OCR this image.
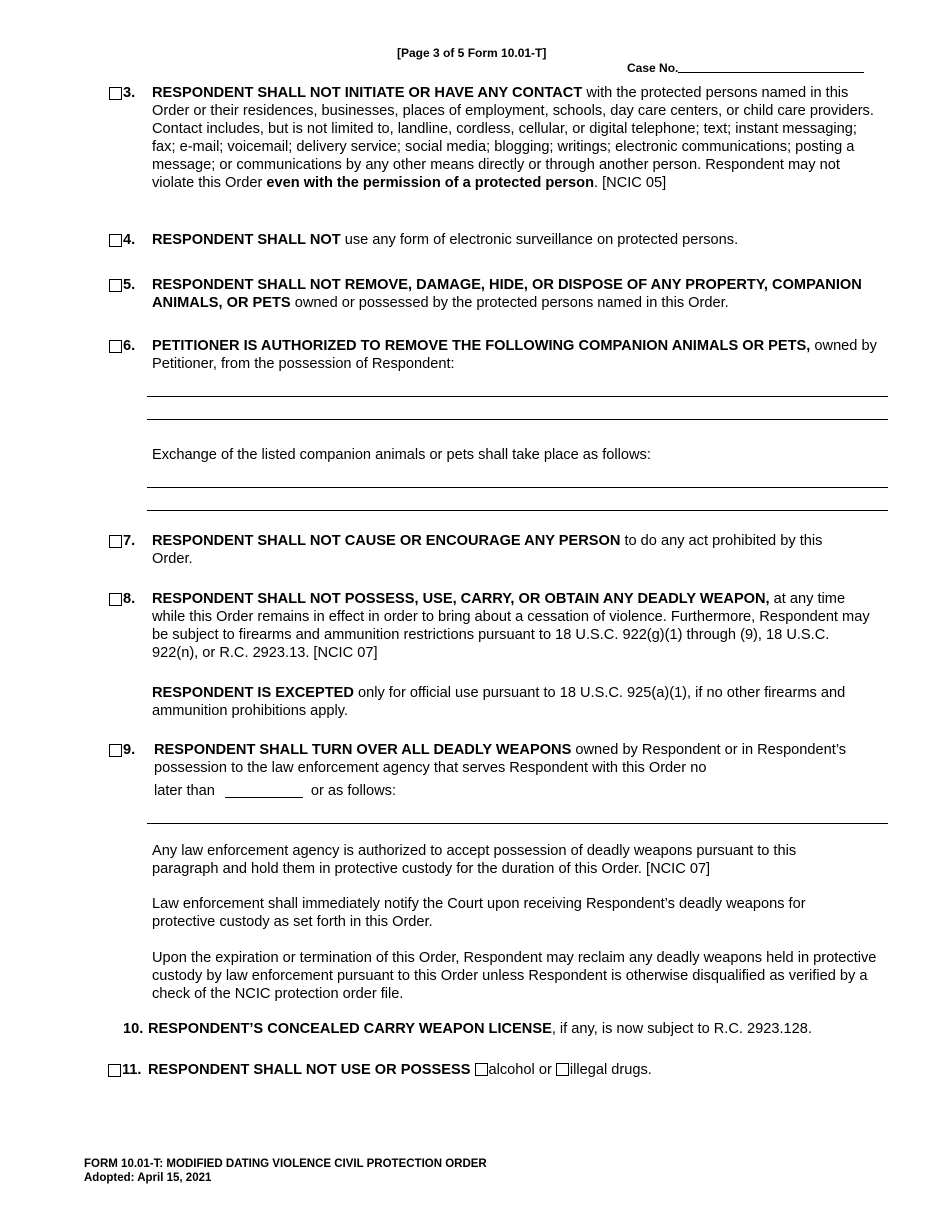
[Page 3 of 5 Form 10.01-T]
Case No.
3. RESPONDENT SHALL NOT INITIATE OR HAVE ANY CONTACT with the protected persons named in this Order or their residences, businesses, places of employment, schools, day care centers, or child care providers. Contact includes, but is not limited to, landline, cordless, cellular, or digital telephone; text; instant messaging; fax; e-mail; voicemail; delivery service; social media; blogging; writings; electronic communications; posting a message; or communications by any other means directly or through another person. Respondent may not violate this Order even with the permission of a protected person. [NCIC 05]
4. RESPONDENT SHALL NOT use any form of electronic surveillance on protected persons.
5. RESPONDENT SHALL NOT REMOVE, DAMAGE, HIDE, OR DISPOSE OF ANY PROPERTY, COMPANION ANIMALS, OR PETS owned or possessed by the protected persons named in this Order.
6. PETITIONER IS AUTHORIZED TO REMOVE THE FOLLOWING COMPANION ANIMALS OR PETS, owned by Petitioner, from the possession of Respondent:
Exchange of the listed companion animals or pets shall take place as follows:
7. RESPONDENT SHALL NOT CAUSE OR ENCOURAGE ANY PERSON to do any act prohibited by this Order.
8. RESPONDENT SHALL NOT POSSESS, USE, CARRY, OR OBTAIN ANY DEADLY WEAPON, at any time while this Order remains in effect in order to bring about a cessation of violence. Furthermore, Respondent may be subject to firearms and ammunition restrictions pursuant to 18 U.S.C. 922(g)(1) through (9), 18 U.S.C. 922(n), or R.C. 2923.13. [NCIC 07]
RESPONDENT IS EXCEPTED only for official use pursuant to 18 U.S.C. 925(a)(1), if no other firearms and ammunition prohibitions apply.
9. RESPONDENT SHALL TURN OVER ALL DEADLY WEAPONS owned by Respondent or in Respondent’s possession to the law enforcement agency that serves Respondent with this Order no
later than	or as follows:
Any law enforcement agency is authorized to accept possession of deadly weapons pursuant to this paragraph and hold them in protective custody for the duration of this Order. [NCIC 07]
Law enforcement shall immediately notify the Court upon receiving Respondent’s deadly weapons for protective custody as set forth in this Order.
Upon the expiration or termination of this Order, Respondent may reclaim any deadly weapons held in protective custody by law enforcement pursuant to this Order unless Respondent is otherwise disqualified as verified by a check of the NCIC protection order file.
10. RESPONDENT’S CONCEALED CARRY WEAPON LICENSE, if any, is now subject to R.C. 2923.128.
11. RESPONDENT SHALL NOT USE OR POSSESS alcohol or illegal drugs.
FORM 10.01-T: MODIFIED DATING VIOLENCE CIVIL PROTECTION ORDER
Adopted: April 15, 2021
